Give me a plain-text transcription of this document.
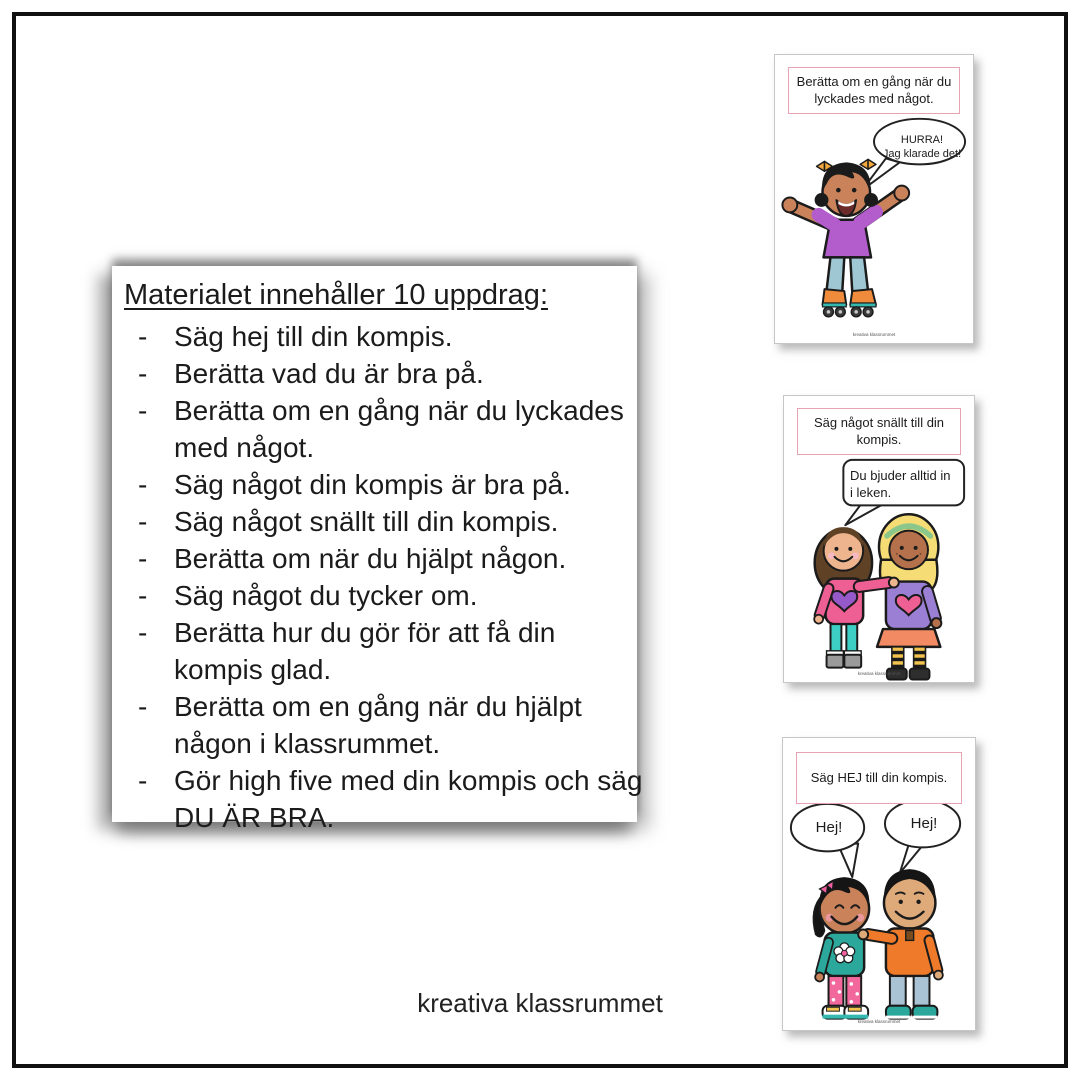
Materialet innehåller 10 uppdrag:
- Säg hej till din kompis.
- Berätta vad du är bra på.
- Berätta om en gång när du lyckades
med något.
- Säg något din kompis är bra på.
- Säg något snällt till din kompis.
- Berätta om när du hjälpt någon.
- Säg något du tycker om.
- Berätta hur du gör för att få din
kompis glad.
- Berätta om en gång när du hjälpt
någon i klassrummet.
- Gör high five med din kompis och säg
DU ÄR BRA.
Berätta om en gång när du lyckades med något.
HURRA!
Jag klarade det!
kreativa klassrummet
Säg något snällt till din kompis.
Du bjuder alltid in
i leken.
kreativa klassrummet
Säg HEJ till din kompis.
Hej!	Hej!
kreativa klassrummet
kreativa klassrummet
